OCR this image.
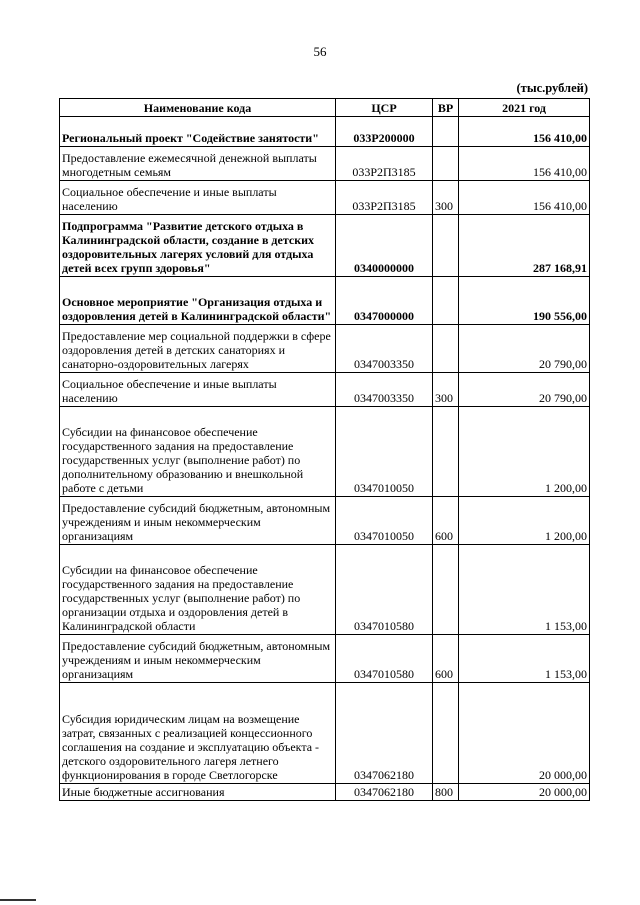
56
(тыс.рублей)
Наименование кода	ЦСР	ВР	2021 год
Региональный проект "Содействие занятости"	033P200000		156 410,00
Предоставление ежемесячной денежной выплаты многодетным семьям	033P2П3185		156 410,00
Социальное обеспечение и иные выплаты населению	033P2П3185	300	156 410,00
Подпрограмма "Развитие детского отдыха в Калининградской области, создание в детских оздоровительных лагерях условий для отдыха детей всех групп здоровья"	0340000000		287 168,91
Основное мероприятие "Организация отдыха и оздоровления детей в Калининградской области"	0347000000		190 556,00
Предоставление мер социальной поддержки в сфере оздоровления детей в детских санаториях и санаторно-оздоровительных лагерях	0347003350		20 790,00
Социальное обеспечение и иные выплаты населению	0347003350	300	20 790,00
Субсидии на финансовое обеспечение государственного задания на предоставление государственных услуг (выполнение работ) по дополнительному образованию и внешкольной работе с детьми	0347010050		1 200,00
Предоставление субсидий бюджетным, автономным учреждениям и иным некоммерческим организациям	0347010050	600	1 200,00
Субсидии на финансовое обеспечение государственного задания на предоставление государственных услуг (выполнение работ) по организации отдыха и оздоровления детей в Калининградской области	0347010580		1 153,00
Предоставление субсидий бюджетным, автономным учреждениям и иным некоммерческим организациям	0347010580	600	1 153,00
Субсидия юридическим лицам на возмещение затрат, связанных с реализацией концессионного соглашения на создание и эксплуатацию объекта - детского оздоровительного лагеря летнего функционирования в городе Светлогорске	0347062180		20 000,00
Иные бюджетные ассигнования	0347062180	800	20 000,00
